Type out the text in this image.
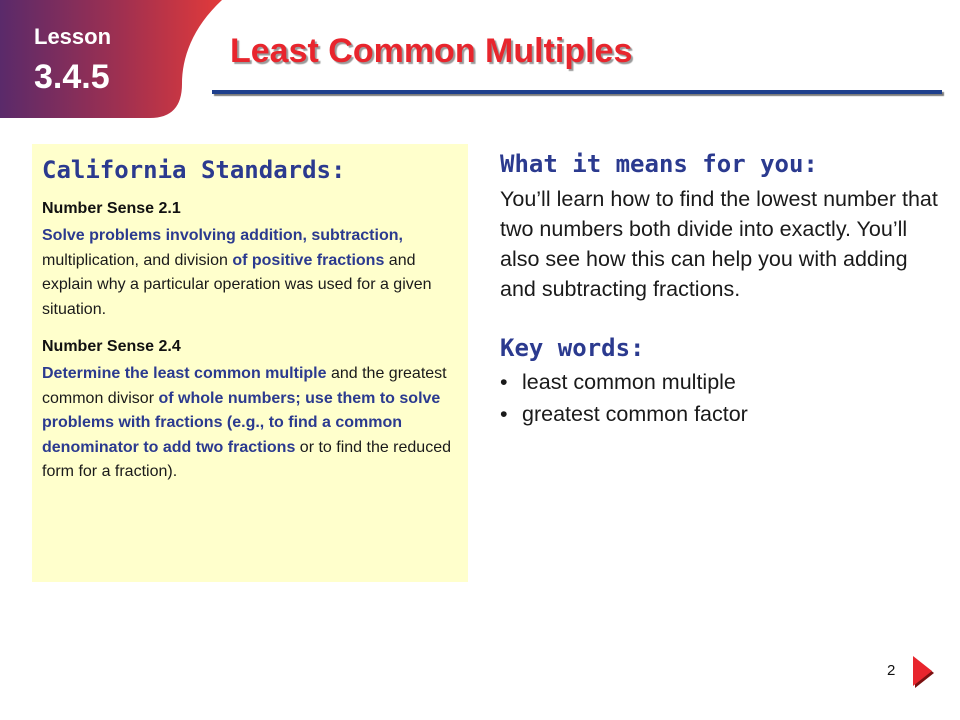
Lesson
3.4.5
Least Common Multiples
California Standards:
Number Sense 2.1

Solve problems involving addition, subtraction, multiplication, and division of positive fractions and explain why a particular operation was used for a given situation.

Number Sense 2.4

Determine the least common multiple and the greatest common divisor of whole numbers; use them to solve problems with fractions (e.g., to find a common denominator to add two fractions or to find the reduced form for a fraction).

What it means for you:

You’ll learn how to find the lowest number that two numbers both divide into exactly. You’ll also see how this can help you with adding and subtracting fractions.

Key words:
• least common multiple
• greatest common factor
2
